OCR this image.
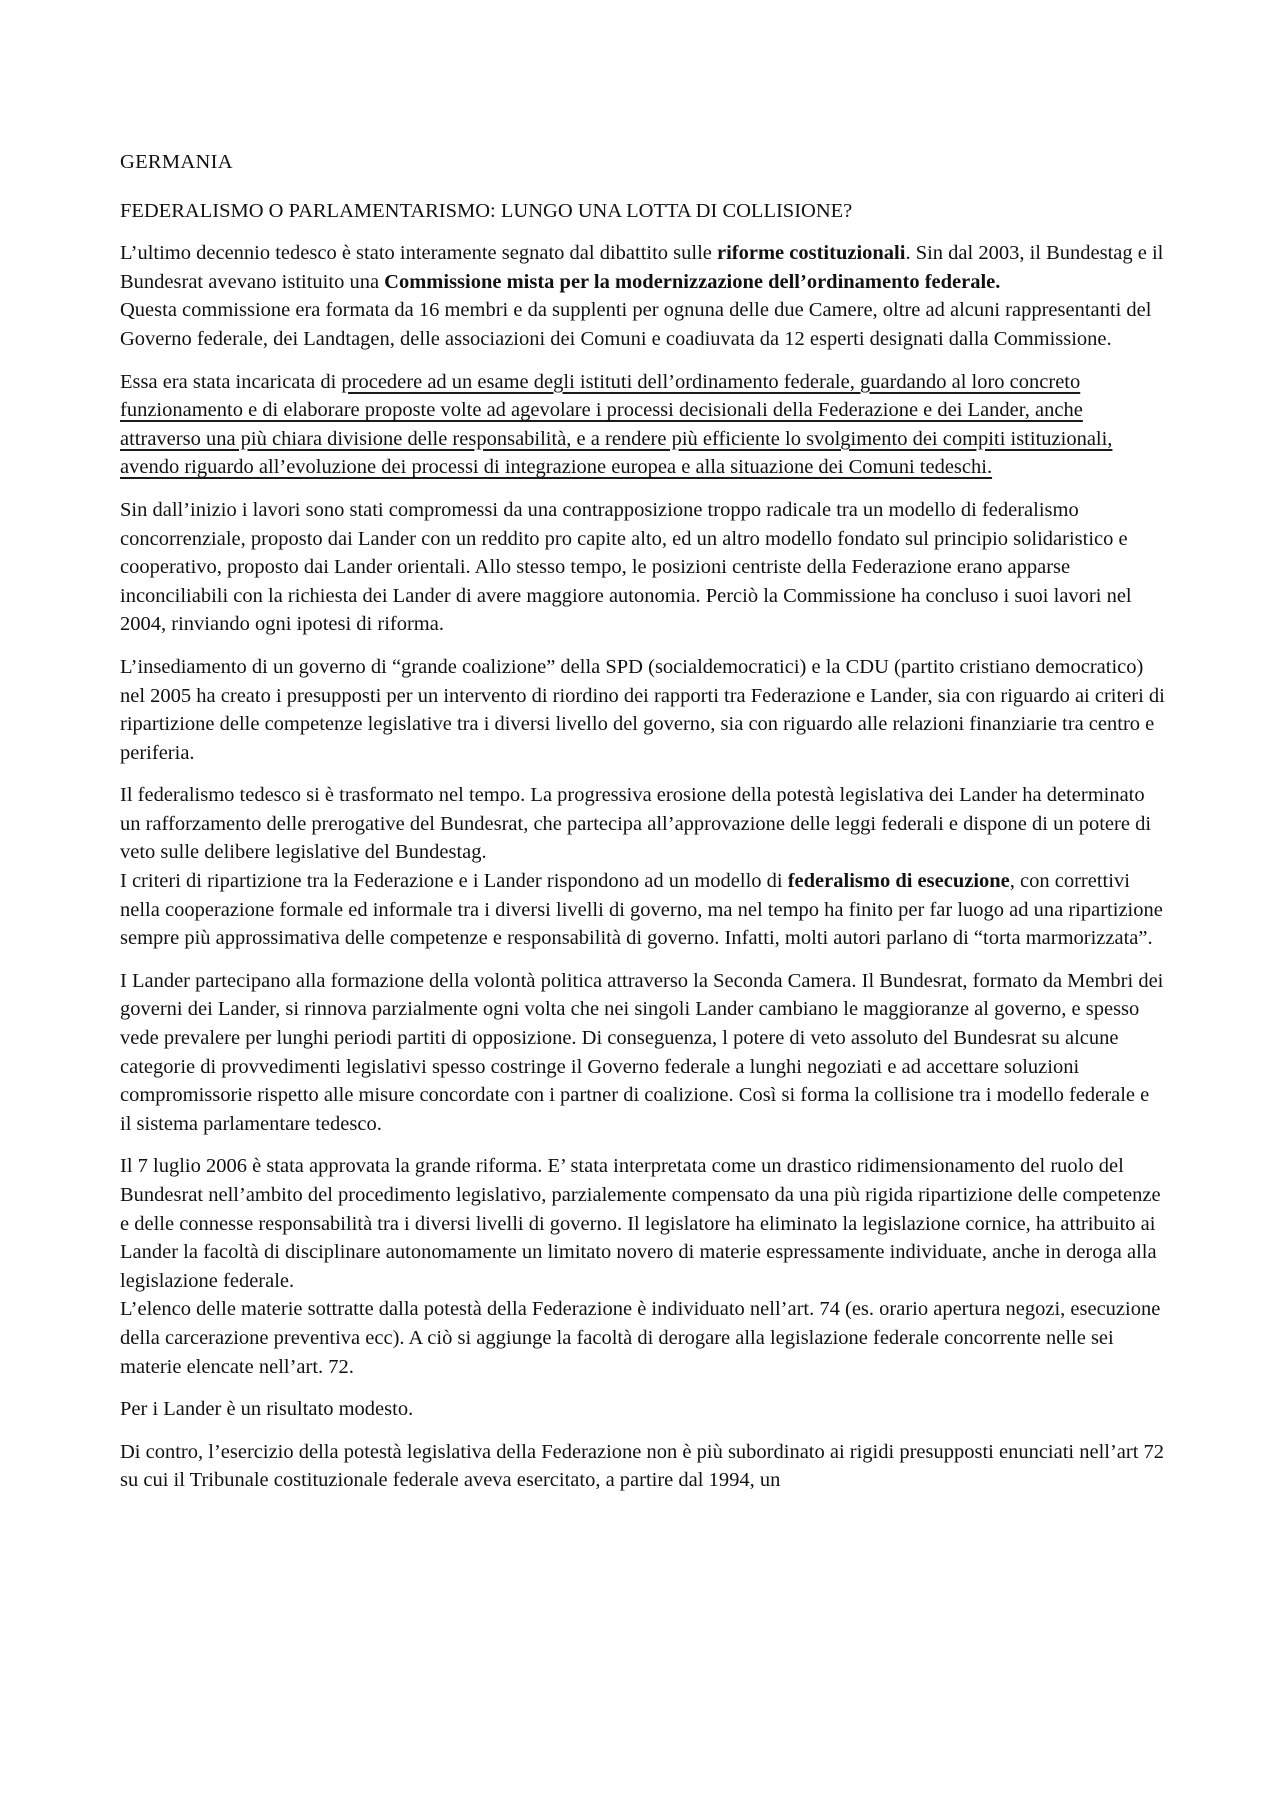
GERMANIA
FEDERALISMO O PARLAMENTARISMO: LUNGO UNA LOTTA DI COLLISIONE?

L’ultimo decennio tedesco è stato interamente segnato dal dibattito sulle riforme costituzionali. Sin dal 2003, il Bundestag e il Bundesrat avevano istituito una Commissione mista per la modernizzazione dell’ordinamento federale.
Questa commissione era formata da 16 membri e da supplenti per ognuna delle due Camere, oltre ad alcuni rappresentanti del Governo federale, dei Landtagen, delle associazioni dei Comuni e coadiuvata da 12 esperti designati dalla Commissione.

Essa era stata incaricata di procedere ad un esame degli istituti dell’ordinamento federale, guardando al loro concreto funzionamento e di elaborare proposte volte ad agevolare i processi decisionali della Federazione e dei Lander, anche attraverso una più chiara divisione delle responsabilità, e a rendere più efficiente lo svolgimento dei compiti istituzionali, avendo riguardo all’evoluzione dei processi di integrazione europea e alla situazione dei Comuni tedeschi.

Sin dall’inizio i lavori sono stati compromessi da una contrapposizione troppo radicale tra un modello di federalismo concorrenziale, proposto dai Lander con un reddito pro capite alto, ed un altro modello fondato sul principio solidaristico e cooperativo, proposto dai Lander orientali. Allo stesso tempo, le posizioni centriste della Federazione erano apparse inconciliabili con la richiesta dei Lander di avere maggiore autonomia. Perciò la Commissione ha concluso i suoi lavori nel 2004, rinviando ogni ipotesi di riforma.

L’insediamento di un governo di “grande coalizione” della SPD (socialdemocratici) e la CDU (partito cristiano democratico) nel 2005 ha creato i presupposti per un intervento di riordino dei rapporti tra Federazione e Lander, sia con riguardo ai criteri di ripartizione delle competenze legislative tra i diversi livello del governo, sia con riguardo alle relazioni finanziarie tra centro e periferia.

Il federalismo tedesco si è trasformato nel tempo. La progressiva erosione della potestà legislativa dei Lander ha determinato un rafforzamento delle prerogative del Bundesrat, che partecipa all’approvazione delle leggi federali e dispone di un potere di veto sulle delibere legislative del Bundestag.
I criteri di ripartizione tra la Federazione e i Lander rispondono ad un modello di federalismo di esecuzione, con correttivi nella cooperazione formale ed informale tra i diversi livelli di governo, ma nel tempo ha finito per far luogo ad una ripartizione sempre più approssimativa delle competenze e responsabilità di governo. Infatti, molti autori parlano di “torta marmorizzata”.

I Lander partecipano alla formazione della volontà politica attraverso la Seconda Camera. Il Bundesrat, formato da Membri dei governi dei Lander, si rinnova parzialmente ogni volta che nei singoli Lander cambiano le maggioranze al governo, e spesso vede prevalere per lunghi periodi partiti di opposizione. Di conseguenza, l potere di veto assoluto del Bundesrat su alcune categorie di provvedimenti legislativi spesso costringe il Governo federale a lunghi negoziati e ad accettare soluzioni compromissorie rispetto alle misure concordate con i partner di coalizione. Così si forma la collisione tra i modello federale e il sistema parlamentare tedesco.

Il 7 luglio 2006 è stata approvata la grande riforma. E’ stata interpretata come un drastico ridimensionamento del ruolo del Bundesrat nell’ambito del procedimento legislativo, parzialemente compensato da una più rigida ripartizione delle competenze e delle connesse responsabilità tra i diversi livelli di governo. Il legislatore ha eliminato la legislazione cornice, ha attribuito ai Lander la facoltà di disciplinare autonomamente un limitato novero di materie espressamente individuate, anche in deroga alla legislazione federale.
L’elenco delle materie sottratte dalla potestà della Federazione è individuato nell’art. 74 (es. orario apertura negozi, esecuzione della carcerazione preventiva ecc). A ciò si aggiunge la facoltà di derogare alla legislazione federale concorrente nelle sei materie elencate nell’art. 72.

Per i Lander è un risultato modesto.

Di contro, l’esercizio della potestà legislativa della Federazione non è più subordinato ai rigidi presupposti enunciati nell’art 72 su cui il Tribunale costituzionale federale aveva esercitato, a partire dal 1994, un
